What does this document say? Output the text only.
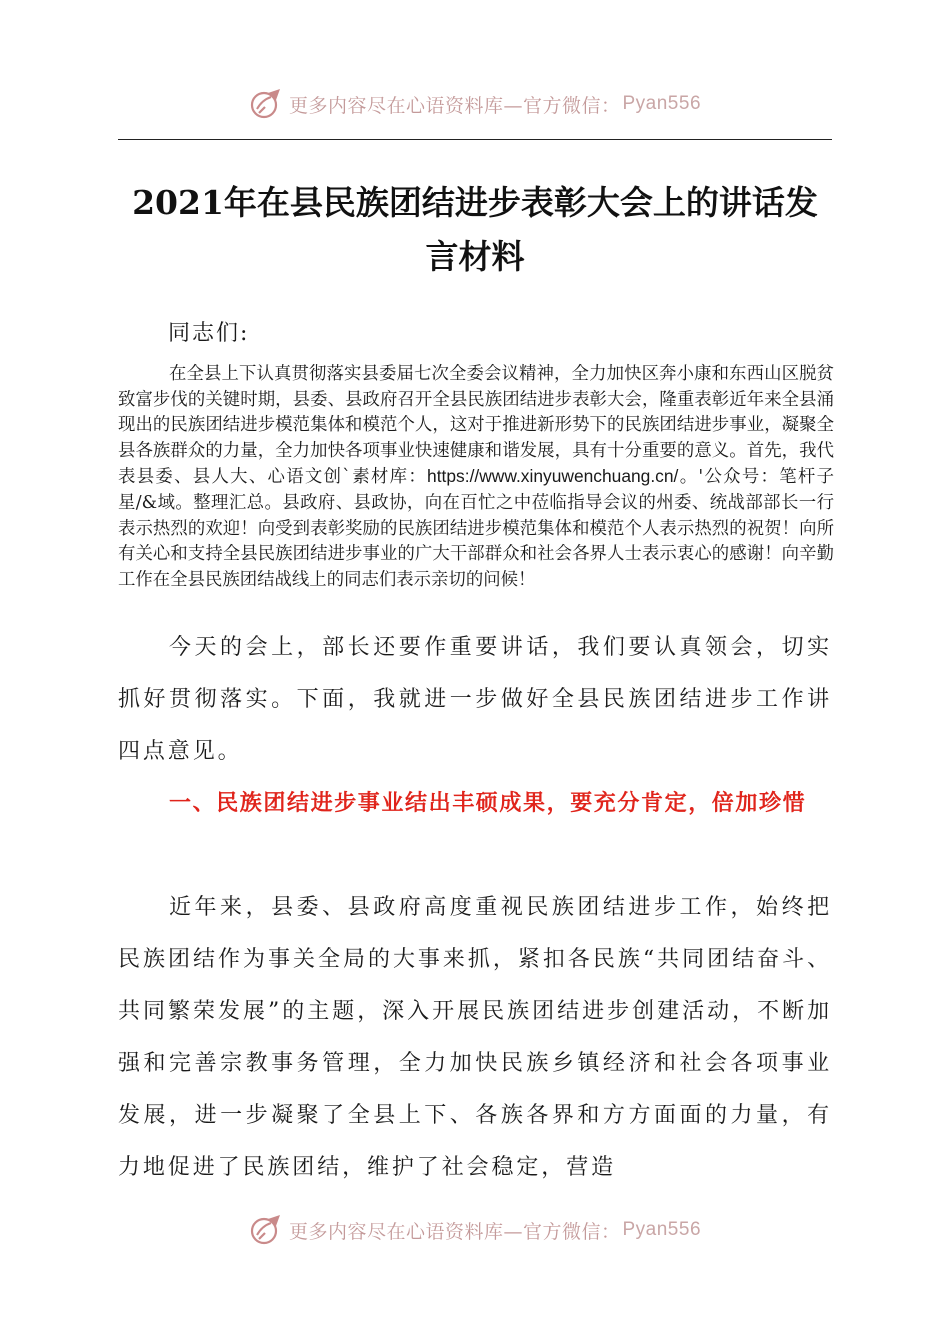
更多内容尽在心语资料库—官方微信： Pyan556
2021年在县民族团结进步表彰大会上的讲话发言材料

同志们:

在全县上下认真贯彻落实县委届七次全委会议精神，全力加快区奔小康和东西山区脱贫致富步伐的关键时期，县委、县政府召开全县民族团结进步表彰大会，隆重表彰近年来全县涌现出的民族团结进步模范集体和模范个人，这对于推进新形势下的民族团结进步事业，凝聚全县各族群众的力量，全力加快各项事业快速健康和谐发展，具有十分重要的意义。首先，我代表县委、县人大、心语文创`素材库：https://www.xinyuwenchuang.cn/。'公众号：笔杆子星/&域。整理汇总。县政府、县政协，向在百忙之中莅临指导会议的州委、统战部部长一行表示热烈的欢迎！向受到表彰奖励的民族团结进步模范集体和模范个人表示热烈的祝贺！向所有关心和支持全县民族团结进步事业的广大干部群众和社会各界人士表示衷心的感谢！向辛勤工作在全县民族团结战线上的同志们表示亲切的问候！

今天的会上，部长还要作重要讲话，我们要认真领会，切实抓好贯彻落实。下面，我就进一步做好全县民族团结进步工作讲四点意见。

一、民族团结进步事业结出丰硕成果，要充分肯定，倍加珍惜

近年来，县委、县政府高度重视民族团结进步工作，始终把民族团结作为事关全局的大事来抓，紧扣各民族“共同团结奋斗、共同繁荣发展”的主题，深入开展民族团结进步创建活动，不断加强和完善宗教事务管理，全力加快民族乡镇经济和社会各项事业发展，进一步凝聚了全县上下、各族各界和方方面面的力量，有力地促进了民族团结，维护了社会稳定，营造

更多内容尽在心语资料库—官方微信： Pyan556
